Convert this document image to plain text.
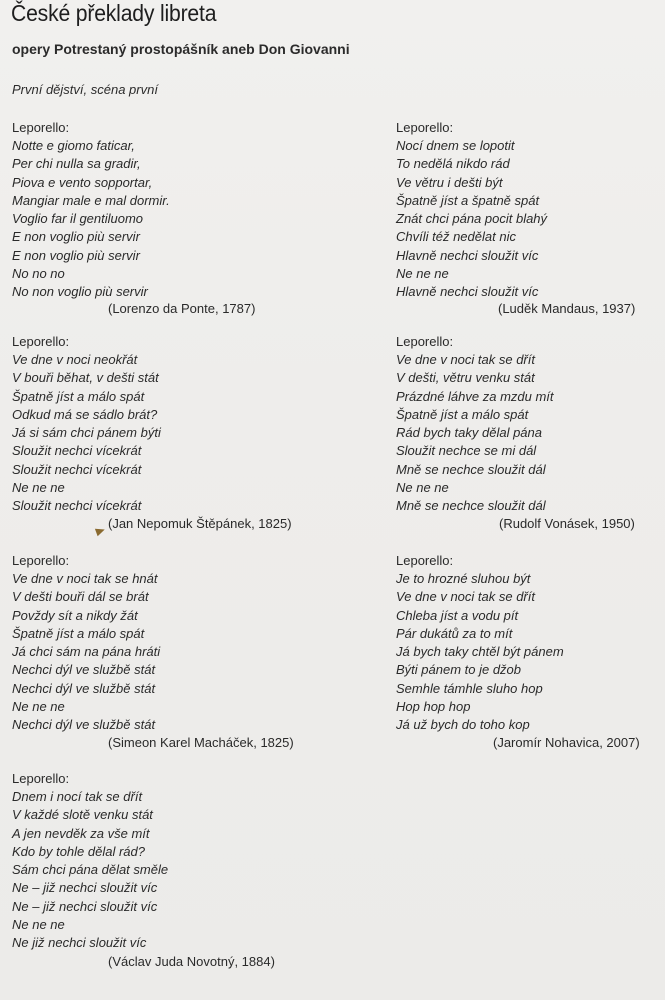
České překlady libreta
opery Potrestaný prostopášník aneb Don Giovanni

První dějství, scéna první

Leporello:
Notte e giomo faticar,
Per chi nulla sa gradir,
Piova e vento sopportar,
Mangiar male e mal dormir.
Voglio far il gentiluomo
E non voglio più servir
E non voglio più servir
No no no
No non voglio più servir
(Lorenzo da Ponte, 1787)
Leporello:
Nocí dnem se lopotit
To nedělá nikdo rád
Ve větru i dešti být
Špatně jíst a špatně spát
Znát chci pána pocit blahý
Chvíli též nedělat nic
Hlavně nechci sloužit víc
Ne ne ne
Hlavně nechci sloužit víc
(Luděk Mandaus, 1937)
Leporello:
Ve dne v noci neokřát
V bouři běhat, v dešti stát
Špatně jíst a málo spát
Odkud má se sádlo brát?
Já si sám chci pánem býti
Sloužit nechci vícekrát
Sloužit nechci vícekrát
Ne ne ne
Sloužit nechci vícekrát
(Jan Nepomuk Štěpánek, 1825)
Leporello:
Ve dne v noci tak se dřít
V dešti, větru venku stát
Prázdné láhve za mzdu mít
Špatně jíst a málo spát
Rád bych taky dělal pána
Sloužit nechce se mi dál
Mně se nechce sloužit dál
Ne ne ne
Mně se nechce sloužit dál
(Rudolf Vonásek, 1950)
Leporello:
Ve dne v noci tak se hnát
V dešti bouři dál se brát
Povždy sít a nikdy žát
Špatně jíst a málo spát
Já chci sám na pána hráti
Nechci dýl ve službě stát
Nechci dýl ve službě stát
Ne ne ne
Nechci dýl ve službě stát
(Simeon Karel Macháček, 1825)
Leporello:
Je to hrozné sluhou být
Ve dne v noci tak se dřít
Chleba jíst a vodu pít
Pár dukátů za to mít
Já bych taky chtěl být pánem
Býti pánem to je džob
Semhle támhle sluho hop
Hop hop hop
Já už bych do toho kop
(Jaromír Nohavica, 2007)
Leporello:
Dnem i nocí tak se dřít
V každé slotě venku stát
A jen nevděk za vše mít
Kdo by tohle dělal rád?
Sám chci pána dělat směle
Ne – již nechci sloužit víc
Ne – již nechci sloužit víc
Ne ne ne
Ne již nechci sloužit víc
(Václav Juda Novotný, 1884)
